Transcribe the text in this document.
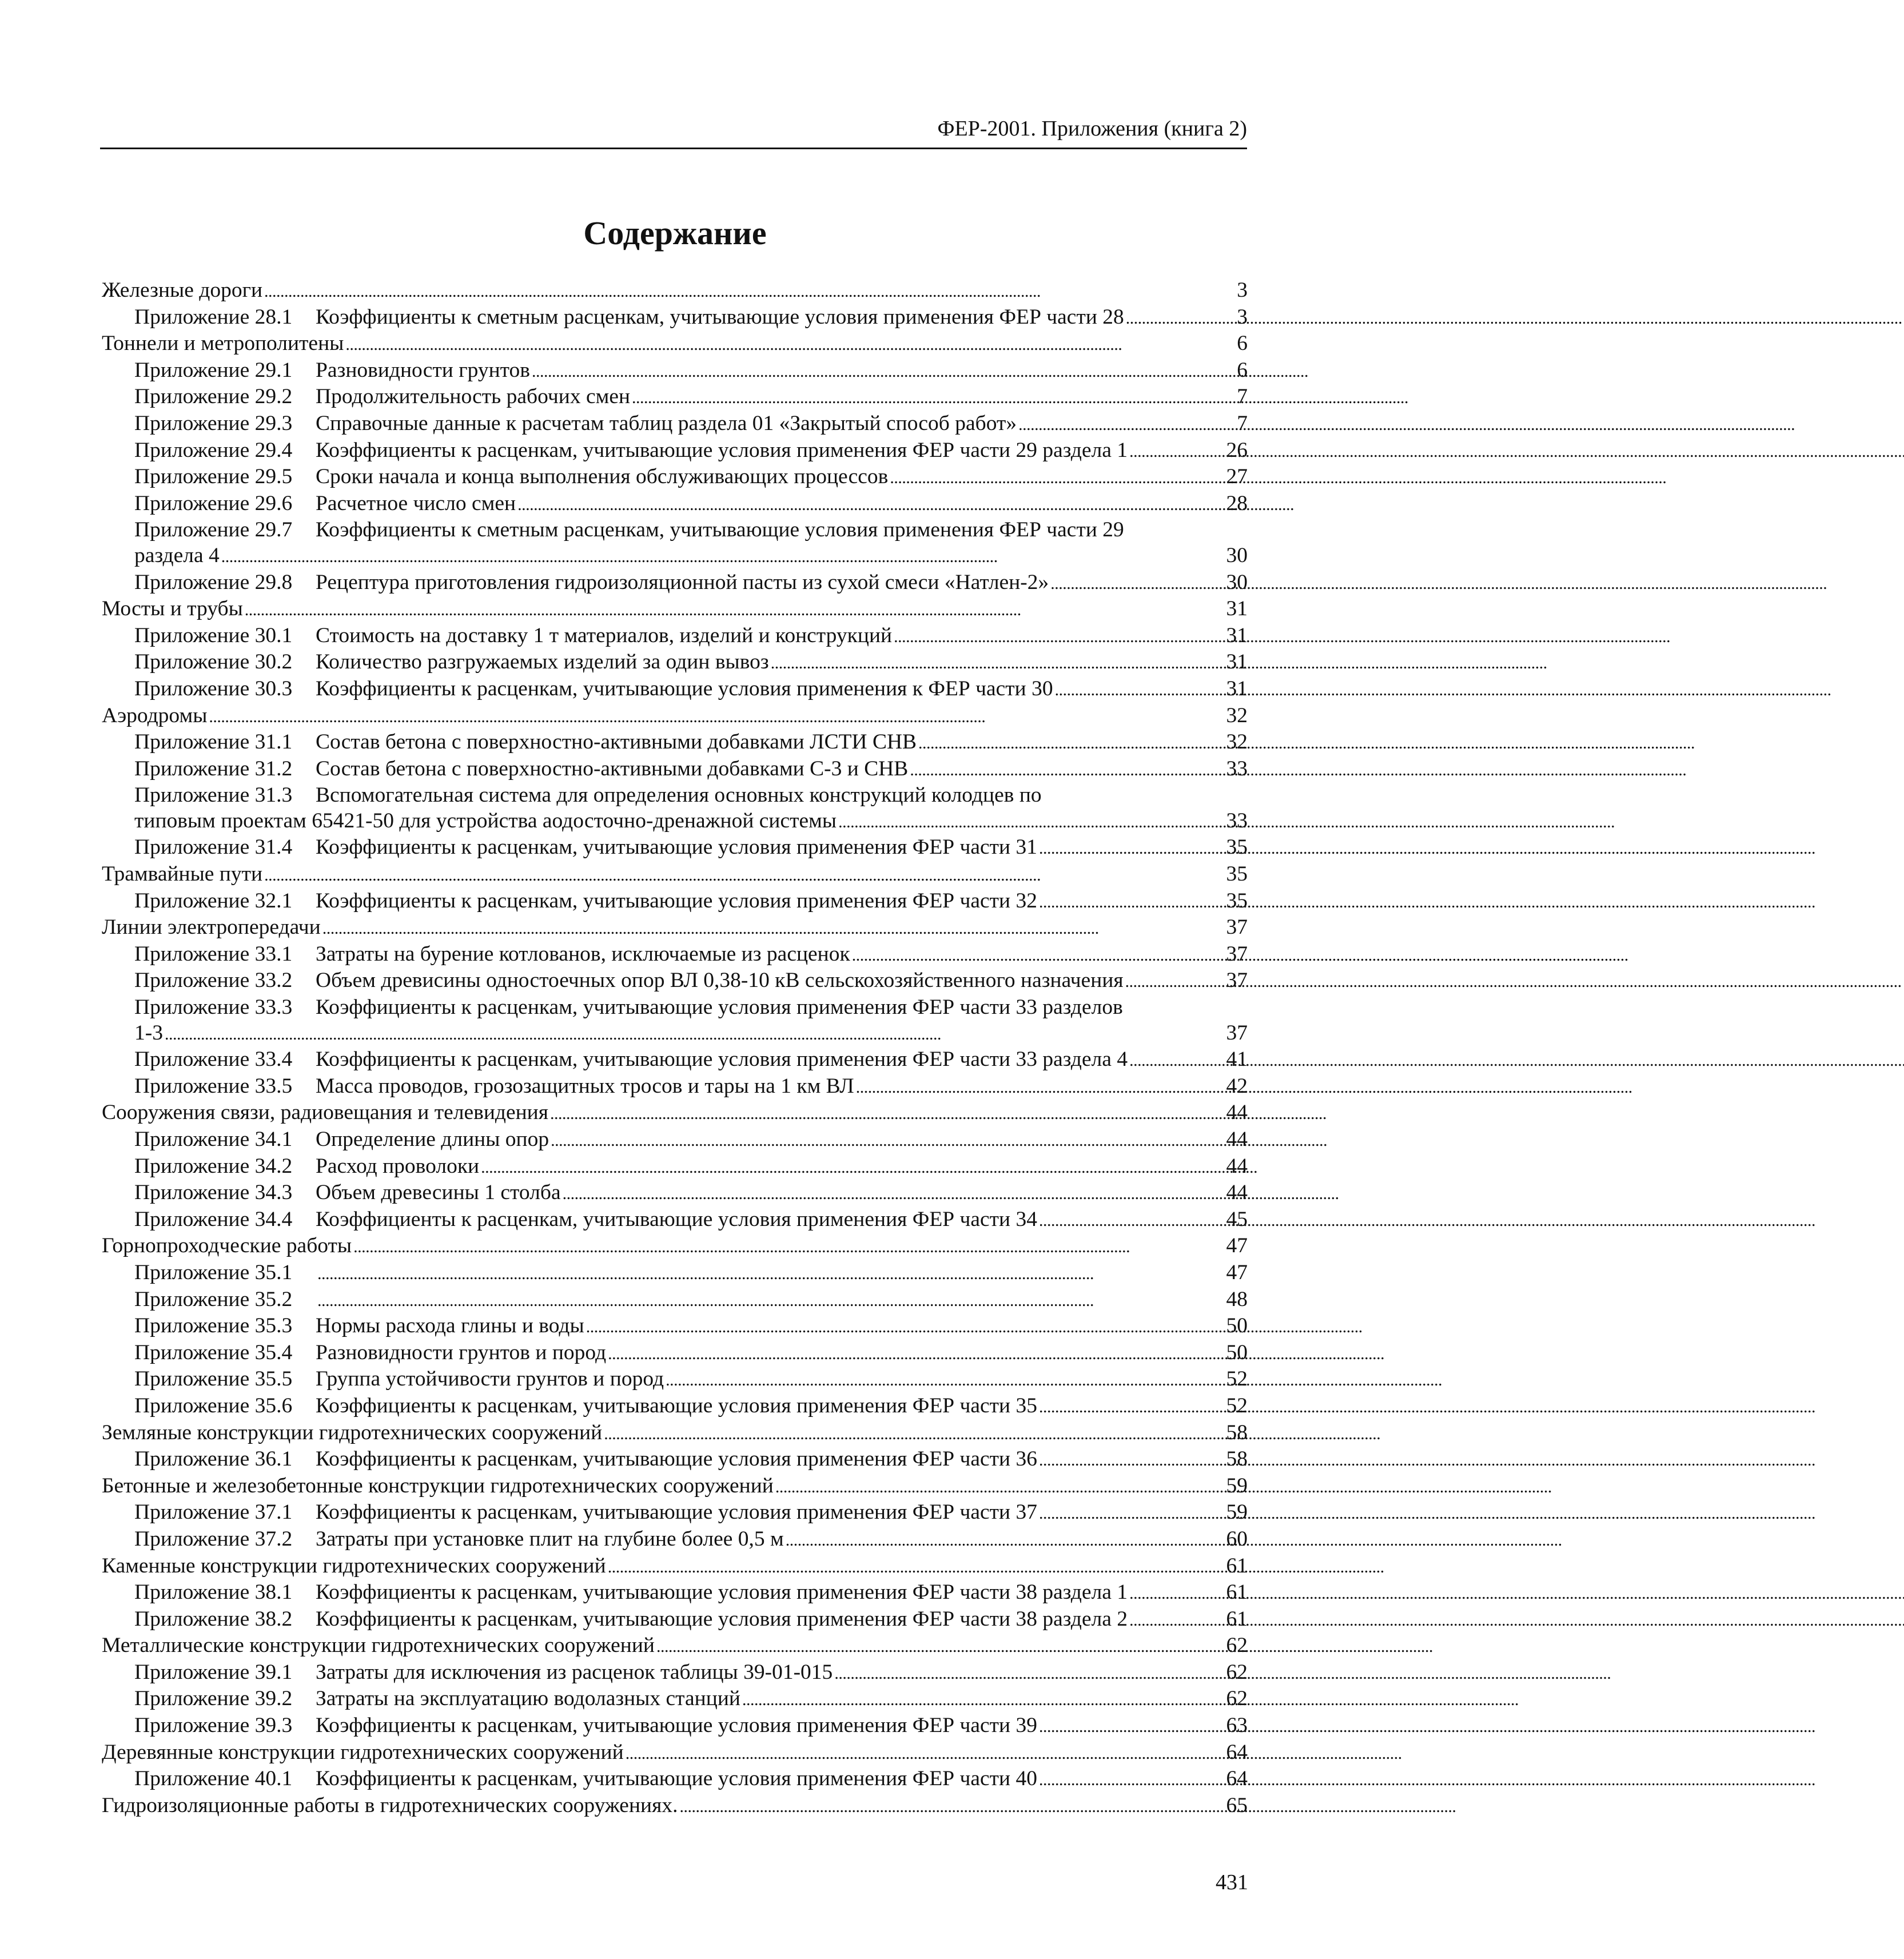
ФЕР-2001. Приложения (книга 2)
Содержание
Железные дороги . . .	3
Приложение 28.1	Коэффициенты к сметным расценкам, учитывающие условия применения ФЕР части 28 . . .	3
Тоннели и метрополитены . . .	6
Приложение 29.1	Разновидности грунтов . . .	6
Приложение 29.2	Продолжительность рабочих смен . . .	7
Приложение 29.3	Справочные данные к расчетам таблиц раздела 01 «Закрытый способ работ» . . .	7
Приложение 29.4	Коэффициенты к расценкам, учитывающие условия применения ФЕР части 29 раздела 1 . . .	26
Приложение 29.5	Сроки начала и конца выполнения обслуживающих процессов . . .	27
Приложение 29.6	Расчетное число смен . . .	28
Приложение 29.7	Коэффициенты к сметным расценкам, учитывающие условия применения ФЕР части 29
раздела 4 . . .	30
Приложение 29.8	Рецептура приготовления гидроизоляционной пасты из сухой смеси «Натлен-2» . . .	30
Мосты и трубы . . .	31
Приложение 30.1	Стоимость на доставку 1 т материалов, изделий и конструкций . . .	31
Приложение 30.2	Количество разгружаемых изделий за один вывоз . . .	31
Приложение 30.3	Коэффициенты к расценкам, учитывающие условия применения к ФЕР части 30 . . .	31
Аэродромы . . .	32
Приложение 31.1	Состав бетона с поверхностно-активными добавками ЛСТИ СНВ . . .	32
Приложение 31.2	Состав бетона с поверхностно-активными добавками С-3 и СНВ . . .	33
Приложение 31.3	Вспомогательная система для определения основных конструкций колодцев по
типовым проектам 65421-50 для устройства аодосточно-дренажной системы . . .	33
Приложение 31.4	Коэффициенты к расценкам, учитывающие условия применения ФЕР части 31 . . .	35
Трамвайные пути . . .	35
Приложение 32.1	Коэффициенты к расценкам, учитывающие условия применения ФЕР части 32 . . .	35
Линии электропередачи . . .	37
Приложение 33.1	Затраты на бурение котлованов, исключаемые из расценок . . .	37
Приложение 33.2	Объем древисины одностоечных опор ВЛ 0,38-10 кВ сельскохозяйственного назначения . . .	37
Приложение 33.3	Коэффициенты к расценкам, учитывающие условия применения ФЕР части 33 разделов
1-3 . . .	37
Приложение 33.4	Коэффициенты к расценкам, учитывающие условия применения ФЕР части 33 раздела 4 . . .	41
Приложение 33.5	Масса проводов, грозозащитных тросов и тары на 1 км ВЛ . . .	42
Сооружения связи, радиовещания и телевидения . . .	44
Приложение 34.1	Определение длины опор . . .	44
Приложение 34.2	Расход проволоки . . .	44
Приложение 34.3	Объем древесины 1 столба . . .	44
Приложение 34.4	Коэффициенты к расценкам, учитывающие условия применения ФЕР части 34 . . .	45
Горнопроходческие работы . . .	47
Приложение 35.1 . . .	47
Приложение 35.2 . . .	48
Приложение 35.3	Нормы расхода глины и воды . . .	50
Приложение 35.4	Разновидности грунтов и пород . . .	50
Приложение 35.5	Группа устойчивости грунтов и пород . . .	52
Приложение 35.6	Коэффициенты к расценкам, учитывающие условия применения ФЕР части 35 . . .	52
Земляные конструкции гидротехнических сооружений . . .	58
Приложение 36.1	Коэффициенты к расценкам, учитывающие условия применения ФЕР части 36 . . .	58
Бетонные и железобетонные конструкции гидротехнических сооружений . . .	59
Приложение 37.1	Коэффициенты к расценкам, учитывающие условия применения ФЕР части 37 . . .	59
Приложение 37.2	Затраты при установке плит на глубине более 0,5 м . . .	60
Каменные конструкции гидротехнических сооружений . . .	61
Приложение 38.1	Коэффициенты к расценкам, учитывающие условия применения ФЕР части 38 раздела 1 . . .	61
Приложение 38.2	Коэффициенты к расценкам, учитывающие условия применения ФЕР части 38 раздела 2 . . .	61
Металлические конструкции гидротехнических сооружений . . .	62
Приложение 39.1	Затраты для исключения из расценок таблицы 39-01-015 . . .	62
Приложение 39.2	Затраты на эксплуатацию водолазных станций . . .	62
Приложение 39.3	Коэффициенты к расценкам, учитывающие условия применения ФЕР части 39 . . .	63
Деревянные конструкции гидротехнических сооружений . . .	64
Приложение 40.1	Коэффициенты к расценкам, учитывающие условия применения ФЕР части 40 . . .	64
Гидроизоляционные работы в гидротехнических сооружениях. . . .	65
431
